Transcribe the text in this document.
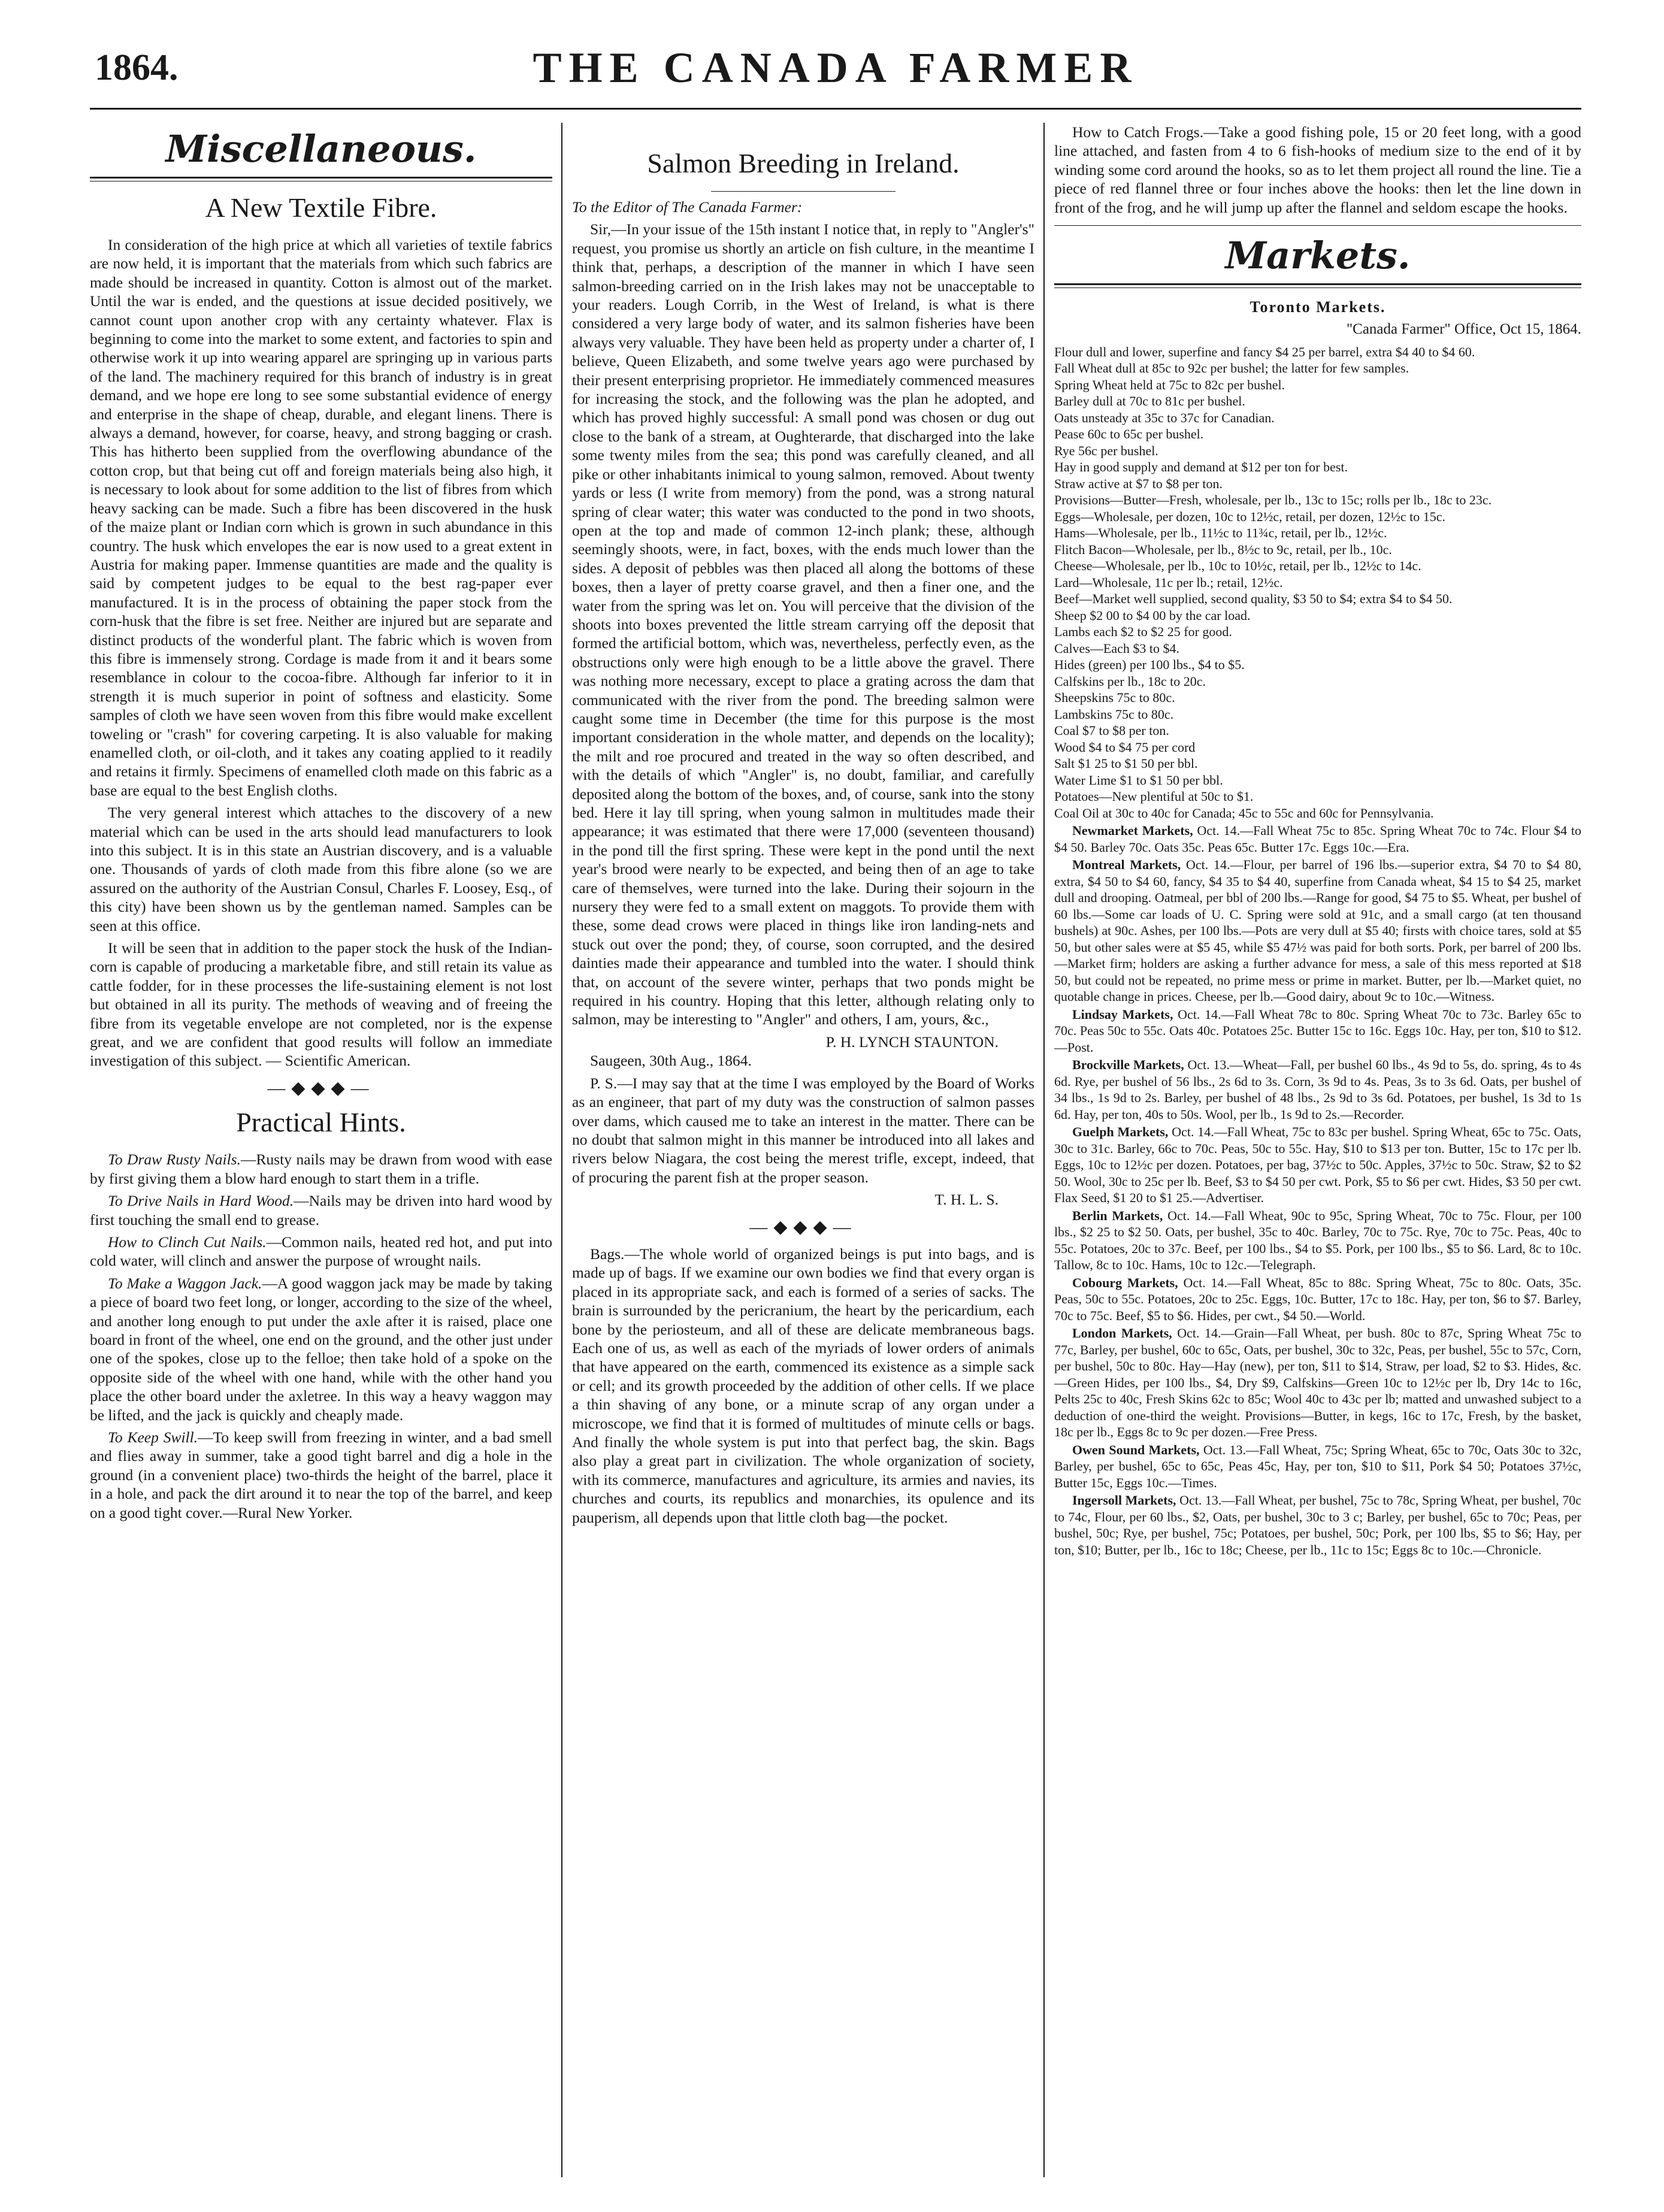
1864.	THE CANADA FARMER
Miscellaneous.
A New Textile Fibre.

In consideration of the high price at which all varieties of textile fabrics are now held, it is important that the materials from which such fabrics are made should be increased in quantity. Cotton is almost out of the market. Until the war is ended, and the questions at issue decided positively, we cannot count upon another crop with any certainty whatever. Flax is beginning to come into the market to some extent, and factories to spin and otherwise work it up into wearing apparel are springing up in various parts of the land. The machinery required for this branch of industry is in great demand, and we hope ere long to see some substantial evidence of energy and enterprise in the shape of cheap, durable, and elegant linens. There is always a demand, however, for coarse, heavy, and strong bagging or crash. This has hitherto been supplied from the overflowing abundance of the cotton crop, but that being cut off and foreign materials being also high, it is necessary to look about for some addition to the list of fibres from which heavy sacking can be made. Such a fibre has been discovered in the husk of the maize plant or Indian corn which is grown in such abundance in this country. The husk which envelopes the ear is now used to a great extent in Austria for making paper. Immense quantities are made and the quality is said by competent judges to be equal to the best rag-paper ever manufactured. It is in the process of obtaining the paper stock from the corn-husk that the fibre is set free. Neither are injured but are separate and distinct products of the wonderful plant. The fabric which is woven from this fibre is immensely strong. Cordage is made from it and it bears some resemblance in colour to the cocoa-fibre. Although far inferior to it in strength it is much superior in point of softness and elasticity. Some samples of cloth we have seen woven from this fibre would make excellent toweling or "crash" for covering carpeting. It is also valuable for making enamelled cloth, or oil-cloth, and it takes any coating applied to it readily and retains it firmly. Specimens of enamelled cloth made on this fabric as a base are equal to the best English cloths.

The very general interest which attaches to the discovery of a new material which can be used in the arts should lead manufacturers to look into this subject. It is in this state an Austrian discovery, and is a valuable one. Thousands of yards of cloth made from this fibre alone (so we are assured on the authority of the Austrian Consul, Charles F. Loosey, Esq., of this city) have been shown us by the gentleman named. Samples can be seen at this office.

It will be seen that in addition to the paper stock the husk of the Indian-corn is capable of producing a marketable fibre, and still retain its value as cattle fodder, for in these processes the life-sustaining element is not lost but obtained in all its purity. The methods of weaving and of freeing the fibre from its vegetable envelope are not completed, nor is the expense great, and we are confident that good results will follow an immediate investigation of this subject. — Scientific American.

—◆◆◆—
Practical Hints.

To Draw Rusty Nails.—Rusty nails may be drawn from wood with ease by first giving them a blow hard enough to start them in a trifle.

To Drive Nails in Hard Wood.—Nails may be driven into hard wood by first touching the small end to grease.

How to Clinch Cut Nails.—Common nails, heated red hot, and put into cold water, will clinch and answer the purpose of wrought nails.

To Make a Waggon Jack.—A good waggon jack may be made by taking a piece of board two feet long, or longer, according to the size of the wheel, and another long enough to put under the axle after it is raised, place one board in front of the wheel, one end on the ground, and the other just under one of the spokes, close up to the felloe; then take hold of a spoke on the opposite side of the wheel with one hand, while with the other hand you place the other board under the axletree. In this way a heavy waggon may be lifted, and the jack is quickly and cheaply made.

To Keep Swill.—To keep swill from freezing in winter, and a bad smell and flies away in summer, take a good tight barrel and dig a hole in the ground (in a convenient place) two-thirds the height of the barrel, place it in a hole, and pack the dirt around it to near the top of the barrel, and keep on a good tight cover.—Rural New Yorker.

Salmon Breeding in Ireland.

To the Editor of The Canada Farmer:

Sir,—In your issue of the 15th instant I notice that, in reply to "Angler's" request, you promise us shortly an article on fish culture, in the meantime I think that, perhaps, a description of the manner in which I have seen salmon-breeding carried on in the Irish lakes may not be unacceptable to your readers. Lough Corrib, in the West of Ireland, is what is there considered a very large body of water, and its salmon fisheries have been always very valuable. They have been held as property under a charter of, I believe, Queen Elizabeth, and some twelve years ago were purchased by their present enterprising proprietor. He immediately commenced measures for increasing the stock, and the following was the plan he adopted, and which has proved highly successful: A small pond was chosen or dug out close to the bank of a stream, at Oughterarde, that discharged into the lake some twenty miles from the sea; this pond was carefully cleaned, and all pike or other inhabitants inimical to young salmon, removed. About twenty yards or less (I write from memory) from the pond, was a strong natural spring of clear water; this water was conducted to the pond in two shoots, open at the top and made of common 12-inch plank; these, although seemingly shoots, were, in fact, boxes, with the ends much lower than the sides. A deposit of pebbles was then placed all along the bottoms of these boxes, then a layer of pretty coarse gravel, and then a finer one, and the water from the spring was let on. You will perceive that the division of the shoots into boxes prevented the little stream carrying off the deposit that formed the artificial bottom, which was, nevertheless, perfectly even, as the obstructions only were high enough to be a little above the gravel. There was nothing more necessary, except to place a grating across the dam that communicated with the river from the pond. The breeding salmon were caught some time in December (the time for this purpose is the most important consideration in the whole matter, and depends on the locality); the milt and roe procured and treated in the way so often described, and with the details of which "Angler" is, no doubt, familiar, and carefully deposited along the bottom of the boxes, and, of course, sank into the stony bed. Here it lay till spring, when young salmon in multitudes made their appearance; it was estimated that there were 17,000 (seventeen thousand) in the pond till the first spring. These were kept in the pond until the next year's brood were nearly to be expected, and being then of an age to take care of themselves, were turned into the lake. During their sojourn in the nursery they were fed to a small extent on maggots. To provide them with these, some dead crows were placed in things like iron landing-nets and stuck out over the pond; they, of course, soon corrupted, and the desired dainties made their appearance and tumbled into the water. I should think that, on account of the severe winter, perhaps that two ponds might be required in his country. Hoping that this letter, although relating only to salmon, may be interesting to "Angler" and others, I am, yours, &c.,

P. H. LYNCH STAUNTON.

Saugeen, 30th Aug., 1864.

P. S.—I may say that at the time I was employed by the Board of Works as an engineer, that part of my duty was the construction of salmon passes over dams, which caused me to take an interest in the matter. There can be no doubt that salmon might in this manner be introduced into all lakes and rivers below Niagara, the cost being the merest trifle, except, indeed, that of procuring the parent fish at the proper season.

T. H. L. S.
—◆◆◆—

Bags.—The whole world of organized beings is put into bags, and is made up of bags. If we examine our own bodies we find that every organ is placed in its appropriate sack, and each is formed of a series of sacks. The brain is surrounded by the pericranium, the heart by the pericardium, each bone by the periosteum, and all of these are delicate membraneous bags. Each one of us, as well as each of the myriads of lower orders of animals that have appeared on the earth, commenced its existence as a simple sack or cell; and its growth proceeded by the addition of other cells. If we place a thin shaving of any bone, or a minute scrap of any organ under a microscope, we find that it is formed of multitudes of minute cells or bags. And finally the whole system is put into that perfect bag, the skin. Bags also play a great part in civilization. The whole organization of society, with its commerce, manufactures and agriculture, its armies and navies, its churches and courts, its republics and monarchies, its opulence and its pauperism, all depends upon that little cloth bag—the pocket.

How to Catch Frogs.—Take a good fishing pole, 15 or 20 feet long, with a good line attached, and fasten from 4 to 6 fish-hooks of medium size to the end of it by winding some cord around the hooks, so as to let them project all round the line. Tie a piece of red flannel three or four inches above the hooks: then let the line down in front of the frog, and he will jump up after the flannel and seldom escape the hooks.

Markets.
Toronto Markets.
"Canada Farmer" Office, Oct 15, 1864.

Flour dull and lower, superfine and fancy $4 25 per barrel, extra $4 40 to $4 60.

Fall Wheat dull at 85c to 92c per bushel; the latter for few samples.

Spring Wheat held at 75c to 82c per bushel.

Barley dull at 70c to 81c per bushel.

Oats unsteady at 35c to 37c for Canadian.

Pease 60c to 65c per bushel.

Rye 56c per bushel.

Hay in good supply and demand at $12 per ton for best.

Straw active at $7 to $8 per ton.

Provisions—Butter—Fresh, wholesale, per lb., 13c to 15c; rolls per lb., 18c to 23c.

Eggs—Wholesale, per dozen, 10c to 12½c, retail, per dozen, 12½c to 15c.

Hams—Wholesale, per lb., 11½c to 11¾c, retail, per lb., 12½c.

Flitch Bacon—Wholesale, per lb., 8½c to 9c, retail, per lb., 10c.

Cheese—Wholesale, per lb., 10c to 10½c, retail, per lb., 12½c to 14c.

Lard—Wholesale, 11c per lb.; retail, 12½c.

Beef—Market well supplied, second quality, $3 50 to $4; extra $4 to $4 50.

Sheep $2 00 to $4 00 by the car load.

Lambs each $2 to $2 25 for good.

Calves—Each $3 to $4.

Hides (green) per 100 lbs., $4 to $5.

Calfskins per lb., 18c to 20c.

Sheepskins 75c to 80c.

Lambskins 75c to 80c.

Coal $7 to $8 per ton.

Wood $4 to $4 75 per cord

Salt $1 25 to $1 50 per bbl.

Water Lime $1 to $1 50 per bbl.

Potatoes—New plentiful at 50c to $1.

Coal Oil at 30c to 40c for Canada; 45c to 55c and 60c for Pennsylvania.

Newmarket Markets, Oct. 14.—Fall Wheat 75c to 85c. Spring Wheat 70c to 74c. Flour $4 to $4 50. Barley 70c. Oats 35c. Peas 65c. Butter 17c. Eggs 10c.—Era.

Montreal Markets, Oct. 14.—Flour, per barrel of 196 lbs.—superior extra, $4 70 to $4 80, extra, $4 50 to $4 60, fancy, $4 35 to $4 40, superfine from Canada wheat, $4 15 to $4 25, market dull and drooping. Oatmeal, per bbl of 200 lbs.—Range for good, $4 75 to $5. Wheat, per bushel of 60 lbs.—Some car loads of U. C. Spring were sold at 91c, and a small cargo (at ten thousand bushels) at 90c. Ashes, per 100 lbs.—Pots are very dull at $5 40; firsts with choice tares, sold at $5 50, but other sales were at $5 45, while $5 47½ was paid for both sorts. Pork, per barrel of 200 lbs.—Market firm; holders are asking a further advance for mess, a sale of this mess reported at $18 50, but could not be repeated, no prime mess or prime in market. Butter, per lb.—Market quiet, no quotable change in prices. Cheese, per lb.—Good dairy, about 9c to 10c.—Witness.

Lindsay Markets, Oct. 14.—Fall Wheat 78c to 80c. Spring Wheat 70c to 73c. Barley 65c to 70c. Peas 50c to 55c. Oats 40c. Potatoes 25c. Butter 15c to 16c. Eggs 10c. Hay, per ton, $10 to $12.—Post.

Brockville Markets, Oct. 13.—Wheat—Fall, per bushel 60 lbs., 4s 9d to 5s, do. spring, 4s to 4s 6d. Rye, per bushel of 56 lbs., 2s 6d to 3s. Corn, 3s 9d to 4s. Peas, 3s to 3s 6d. Oats, per bushel of 34 lbs., 1s 9d to 2s. Barley, per bushel of 48 lbs., 2s 9d to 3s 6d. Potatoes, per bushel, 1s 3d to 1s 6d. Hay, per ton, 40s to 50s. Wool, per lb., 1s 9d to 2s.—Recorder.

Guelph Markets, Oct. 14.—Fall Wheat, 75c to 83c per bushel. Spring Wheat, 65c to 75c. Oats, 30c to 31c. Barley, 66c to 70c. Peas, 50c to 55c. Hay, $10 to $13 per ton. Butter, 15c to 17c per lb. Eggs, 10c to 12½c per dozen. Potatoes, per bag, 37½c to 50c. Apples, 37½c to 50c. Straw, $2 to $2 50. Wool, 30c to 25c per lb. Beef, $3 to $4 50 per cwt. Pork, $5 to $6 per cwt. Hides, $3 50 per cwt. Flax Seed, $1 20 to $1 25.—Advertiser.

Berlin Markets, Oct. 14.—Fall Wheat, 90c to 95c, Spring Wheat, 70c to 75c. Flour, per 100 lbs., $2 25 to $2 50. Oats, per bushel, 35c to 40c. Barley, 70c to 75c. Rye, 70c to 75c. Peas, 40c to 55c. Potatoes, 20c to 37c. Beef, per 100 lbs., $4 to $5. Pork, per 100 lbs., $5 to $6. Lard, 8c to 10c. Tallow, 8c to 10c. Hams, 10c to 12c.—Telegraph.

Cobourg Markets, Oct. 14.—Fall Wheat, 85c to 88c. Spring Wheat, 75c to 80c. Oats, 35c. Peas, 50c to 55c. Potatoes, 20c to 25c. Eggs, 10c. Butter, 17c to 18c. Hay, per ton, $6 to $7. Barley, 70c to 75c. Beef, $5 to $6. Hides, per cwt., $4 50.—World.

London Markets, Oct. 14.—Grain—Fall Wheat, per bush. 80c to 87c, Spring Wheat 75c to 77c, Barley, per bushel, 60c to 65c, Oats, per bushel, 30c to 32c, Peas, per bushel, 55c to 57c, Corn, per bushel, 50c to 80c. Hay—Hay (new), per ton, $11 to $14, Straw, per load, $2 to $3. Hides, &c.—Green Hides, per 100 lbs., $4, Dry $9, Calfskins—Green 10c to 12½c per lb, Dry 14c to 16c, Pelts 25c to 40c, Fresh Skins 62c to 85c; Wool 40c to 43c per lb; matted and unwashed subject to a deduction of one-third the weight. Provisions—Butter, in kegs, 16c to 17c, Fresh, by the basket, 18c per lb., Eggs 8c to 9c per dozen.—Free Press.

Owen Sound Markets, Oct. 13.—Fall Wheat, 75c; Spring Wheat, 65c to 70c, Oats 30c to 32c, Barley, per bushel, 65c to 65c, Peas 45c, Hay, per ton, $10 to $11, Pork $4 50; Potatoes 37½c, Butter 15c, Eggs 10c.—Times.

Ingersoll Markets, Oct. 13.—Fall Wheat, per bushel, 75c to 78c, Spring Wheat, per bushel, 70c to 74c, Flour, per 60 lbs., $2, Oats, per bushel, 30c to 3 c; Barley, per bushel, 65c to 70c; Peas, per bushel, 50c; Rye, per bushel, 75c; Potatoes, per bushel, 50c; Pork, per 100 lbs, $5 to $6; Hay, per ton, $10; Butter, per lb., 16c to 18c; Cheese, per lb., 11c to 15c; Eggs 8c to 10c.—Chronicle.
